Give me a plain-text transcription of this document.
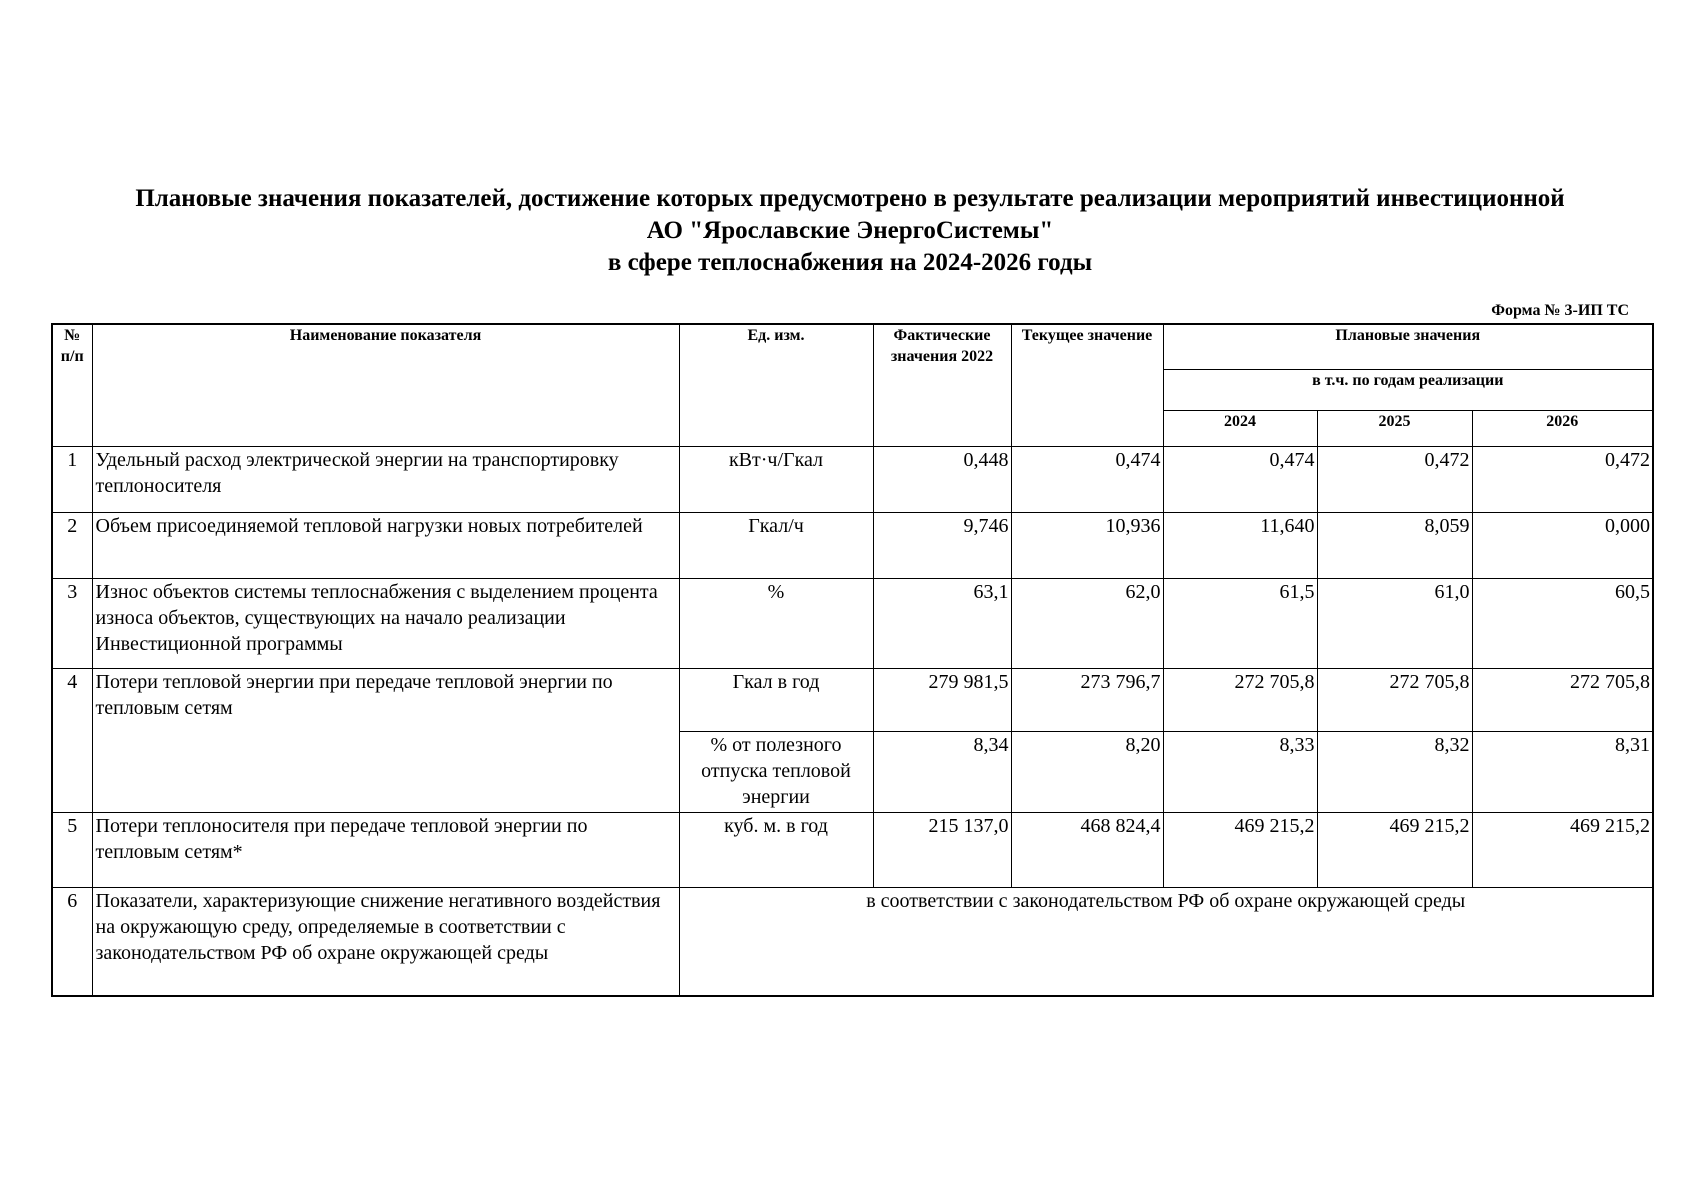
Плановые значения показателей, достижение которых предусмотрено в результате реализации мероприятий инвестиционной
АО "Ярославские ЭнергоСистемы"
в сфере теплоснабжения на 2024-2026 годы
Форма № 3-ИП ТС
№ п/п	Наименование показателя	Ед. изм.	Фактические значения 2022	Текущее значение	Плановые значения		
					в т.ч. по годам реализации		
					2024	2025	2026
1	Удельный расход электрической энергии на транспортировку теплоносителя	кВт·ч/Гкал	0,448	0,474	0,474	0,472	0,472
2	Объем присоединяемой тепловой нагрузки новых потребителей	Гкал/ч	9,746	10,936	11,640	8,059	0,000
3	Износ объектов системы теплоснабжения с выделением процента износа объектов, существующих на начало реализации Инвестиционной программы	%	63,1	62,0	61,5	61,0	60,5
4	Потери тепловой энергии при передаче тепловой энергии по тепловым сетям	Гкал в год	279 981,5	273 796,7	272 705,8	272 705,8	272 705,8
		% от полезного отпуска тепловой энергии	8,34	8,20	8,33	8,32	8,31
5	Потери теплоносителя при передаче тепловой энергии по тепловым сетям*	куб. м. в год	215 137,0	468 824,4	469 215,2	469 215,2	469 215,2
6	Показатели, характеризующие снижение негативного воздействия на окружающую среду, определяемые в соответствии с законодательством РФ об охране окружающей среды	в соответствии с законодательством РФ об охране окружающей среды					
